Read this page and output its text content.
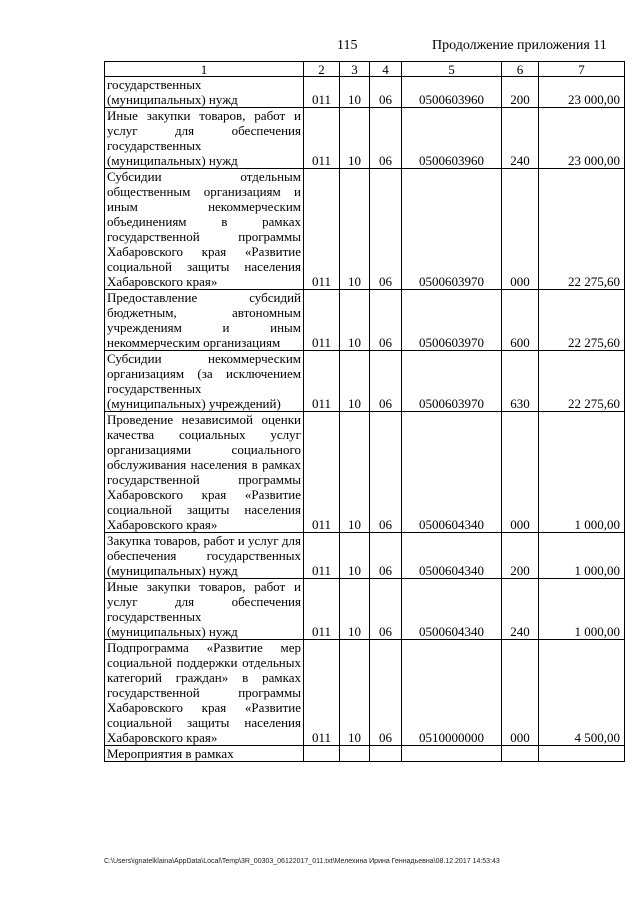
115	Продолжение приложения 11
1	2	3	4	5	6	7
государственных (муниципальных) нужд	011	10	06	0500603960	200	23 000,00
Иные закупки товаров, работ и услуг для обеспечения государственных (муниципальных) нужд	011	10	06	0500603960	240	23 000,00
Субсидии отдельным общественным организациям и иным некоммерческим объединениям в рамках государственной программы Хабаровского края «Развитие социальной защиты населения Хабаровского края»	011	10	06	0500603970	000	22 275,60
Предоставление субсидий бюджетным, автономным учреждениям и иным некоммерческим организациям	011	10	06	0500603970	600	22 275,60
Субсидии некоммерческим организациям (за исключением государственных (муниципальных) учреждений)	011	10	06	0500603970	630	22 275,60
Проведение независимой оценки качества социальных услуг организациями социального обслуживания населения в рамках государственной программы Хабаровского края «Развитие социальной защиты населения Хабаровского края»	011	10	06	0500604340	000	1 000,00
Закупка товаров, работ и услуг для обеспечения государственных (муниципальных) нужд	011	10	06	0500604340	200	1 000,00
Иные закупки товаров, работ и услуг для обеспечения государственных (муниципальных) нужд	011	10	06	0500604340	240	1 000,00
Подпрограмма «Развитие мер социальной поддержки отдельных категорий граждан» в рамках государственной программы Хабаровского края «Развитие социальной защиты населения Хабаровского края»	011	10	06	0510000000	000	4 500,00
Мероприятия в рамках						
C:\Users\ignatelklaina\AppData\Local\Temp\3R_00303_06122017_011.txt\Мелехина Ирина Геннадьевна\08.12.2017 14:53:43
